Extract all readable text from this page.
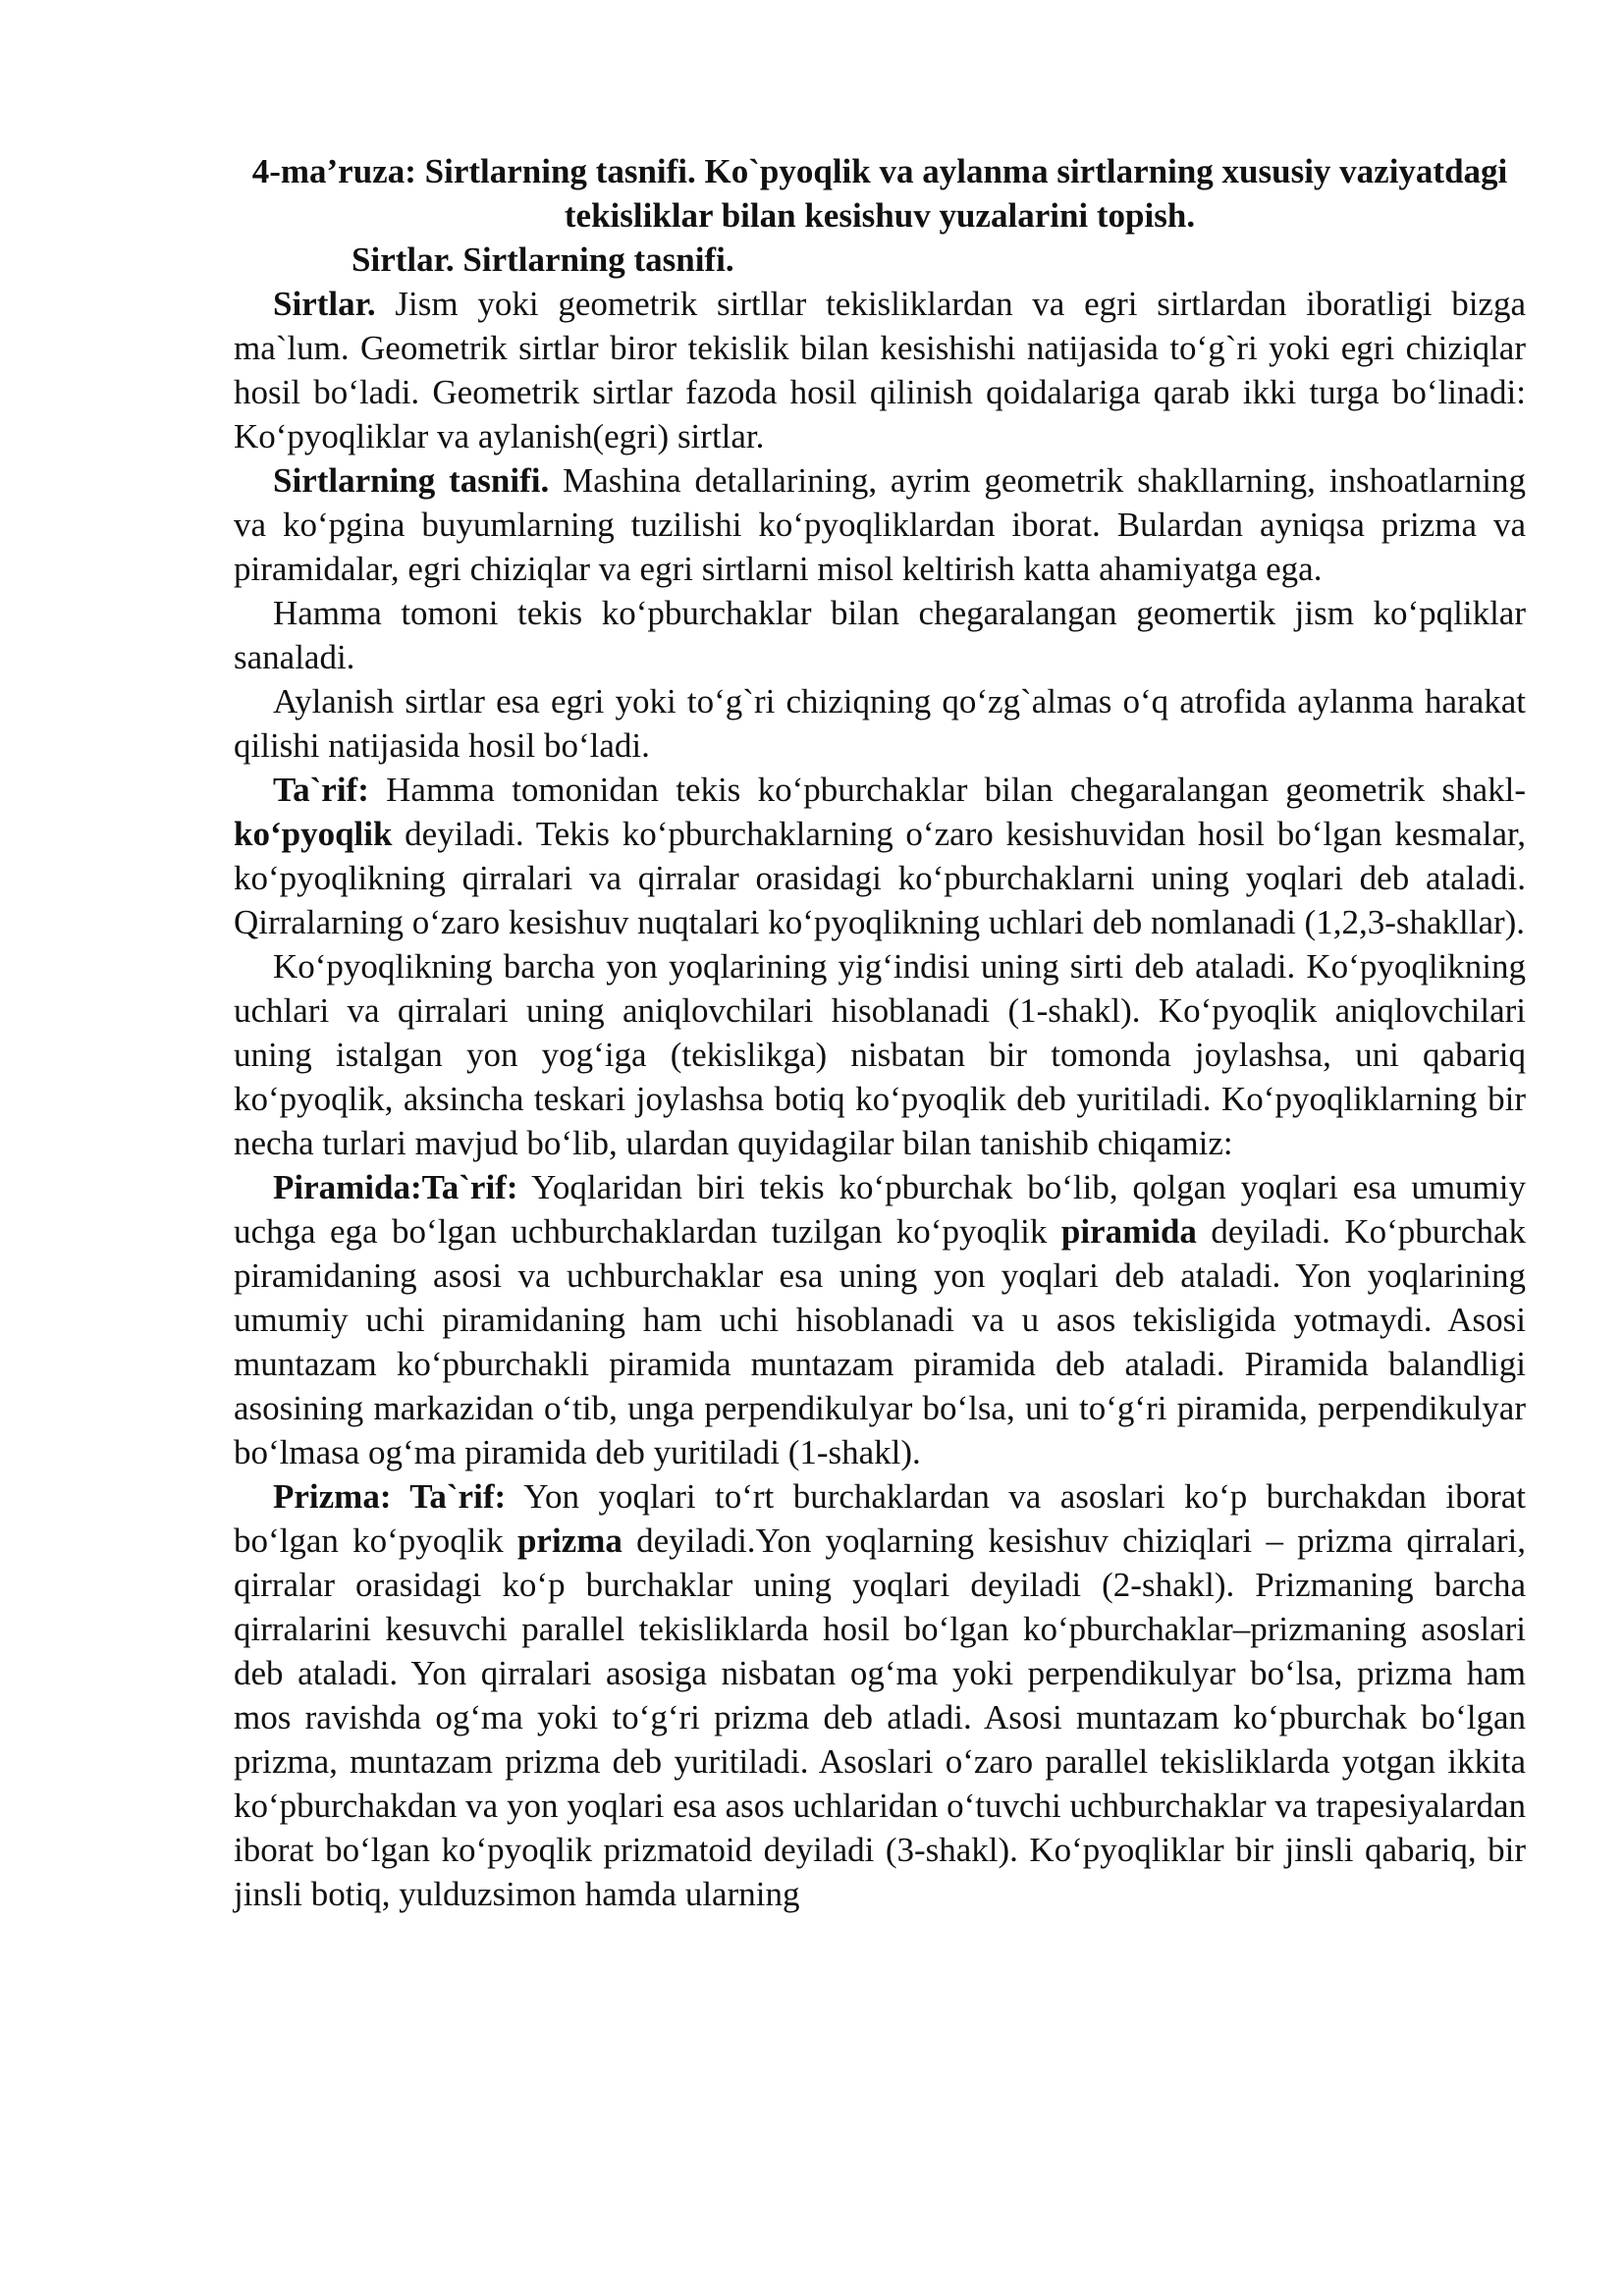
4-ma’ruza: Sirtlarning tasnifi. Ko`pyoqlik va aylanma sirtlarning xususiy vaziyatdagi tekisliklar bilan kesishuv yuzalarini topish.

Sirtlar. Sirtlarning tasnifi.

Sirtlar. Jism yoki geometrik sirtllar tekisliklardan va egri sirtlardan iboratligi bizga ma`lum. Geometrik sirtlar biror tekislik bilan kesishishi natijasida to‘g`ri yoki egri chiziqlar hosil bo‘ladi. Geometrik sirtlar fazoda hosil qilinish qoidalariga qarab ikki turga bo‘linadi: Ko‘pyoqliklar va aylanish(egri) sirtlar.

Sirtlarning tasnifi. Mashina detallarining, ayrim geometrik shakllarning, inshoatlarning va ko‘pgina buyumlarning tuzilishi ko‘pyoqliklardan iborat. Bulardan ayniqsa prizma va piramidalar, egri chiziqlar va egri sirtlarni misol keltirish katta ahamiyatga ega.

Hamma tomoni tekis ko‘pburchaklar bilan chegaralangan geomertik jism ko‘pqliklar sanaladi.

Aylanish sirtlar esa egri yoki to‘g`ri chiziqning qo‘zg`almas o‘q atrofida aylanma harakat qilishi natijasida hosil bo‘ladi.

Ta`rif: Hamma tomonidan tekis ko‘pburchaklar bilan chegaralangan geometrik shakl-ko‘pyoqlik deyiladi. Tekis ko‘pburchaklarning o‘zaro kesishuvidan hosil bo‘lgan kesmalar, ko‘pyoqlikning qirralari va qirralar orasidagi ko‘pburchaklarni uning yoqlari deb ataladi. Qirralarning o‘zaro kesishuv nuqtalari ko‘pyoqlikning uchlari deb nomlanadi (1,2,3-shakllar).

Ko‘pyoqlikning barcha yon yoqlarining yig‘indisi uning sirti deb ataladi. Ko‘pyoqlikning uchlari va qirralari uning aniqlovchilari hisoblanadi (1-shakl). Ko‘pyoqlik aniqlovchilari uning istalgan yon yog‘iga (tekislikga) nisbatan bir tomonda joylashsa, uni qabariq ko‘pyoqlik, aksincha teskari joylashsa botiq ko‘pyoqlik deb yuritiladi. Ko‘pyoqliklarning bir necha turlari mavjud bo‘lib, ulardan quyidagilar bilan tanishib chiqamiz:

Piramida:Ta`rif: Yoqlaridan biri tekis ko‘pburchak bo‘lib, qolgan yoqlari esa umumiy uchga ega bo‘lgan uchburchaklardan tuzilgan ko‘pyoqlik piramida deyiladi. Ko‘pburchak piramidaning asosi va uchburchaklar esa uning yon yoqlari deb ataladi. Yon yoqlarining umumiy uchi piramidaning ham uchi hisoblanadi va u asos tekisligida yotmaydi. Asosi muntazam ko‘pburchakli piramida muntazam piramida deb ataladi. Piramida balandligi asosining markazidan o‘tib, unga perpendikulyar bo‘lsa, uni to‘g‘ri piramida, perpendikulyar bo‘lmasa og‘ma piramida deb yuritiladi (1-shakl).

Prizma: Ta`rif: Yon yoqlari to‘rt burchaklardan va asoslari ko‘p burchakdan iborat bo‘lgan ko‘pyoqlik prizma deyiladi.Yon yoqlarning kesishuv chiziqlari – prizma qirralari, qirralar orasidagi ko‘p burchaklar uning yoqlari deyiladi (2-shakl). Prizmaning barcha qirralarini kesuvchi parallel tekisliklarda hosil bo‘lgan ko‘pburchaklar–prizmaning asoslari deb ataladi. Yon qirralari asosiga nisbatan og‘ma yoki perpendikulyar bo‘lsa, prizma ham mos ravishda og‘ma yoki to‘g‘ri prizma deb atladi. Asosi muntazam ko‘pburchak bo‘lgan prizma, muntazam prizma deb yuritiladi. Asoslari o‘zaro parallel tekisliklarda yotgan ikkita ko‘pburchakdan va yon yoqlari esa asos uchlaridan o‘tuvchi uchburchaklar va trapesiyalardan iborat bo‘lgan ko‘pyoqlik prizmatoid deyiladi (3-shakl). Ko‘pyoqliklar bir jinsli qabariq, bir jinsli botiq, yulduzsimon hamda ularning
